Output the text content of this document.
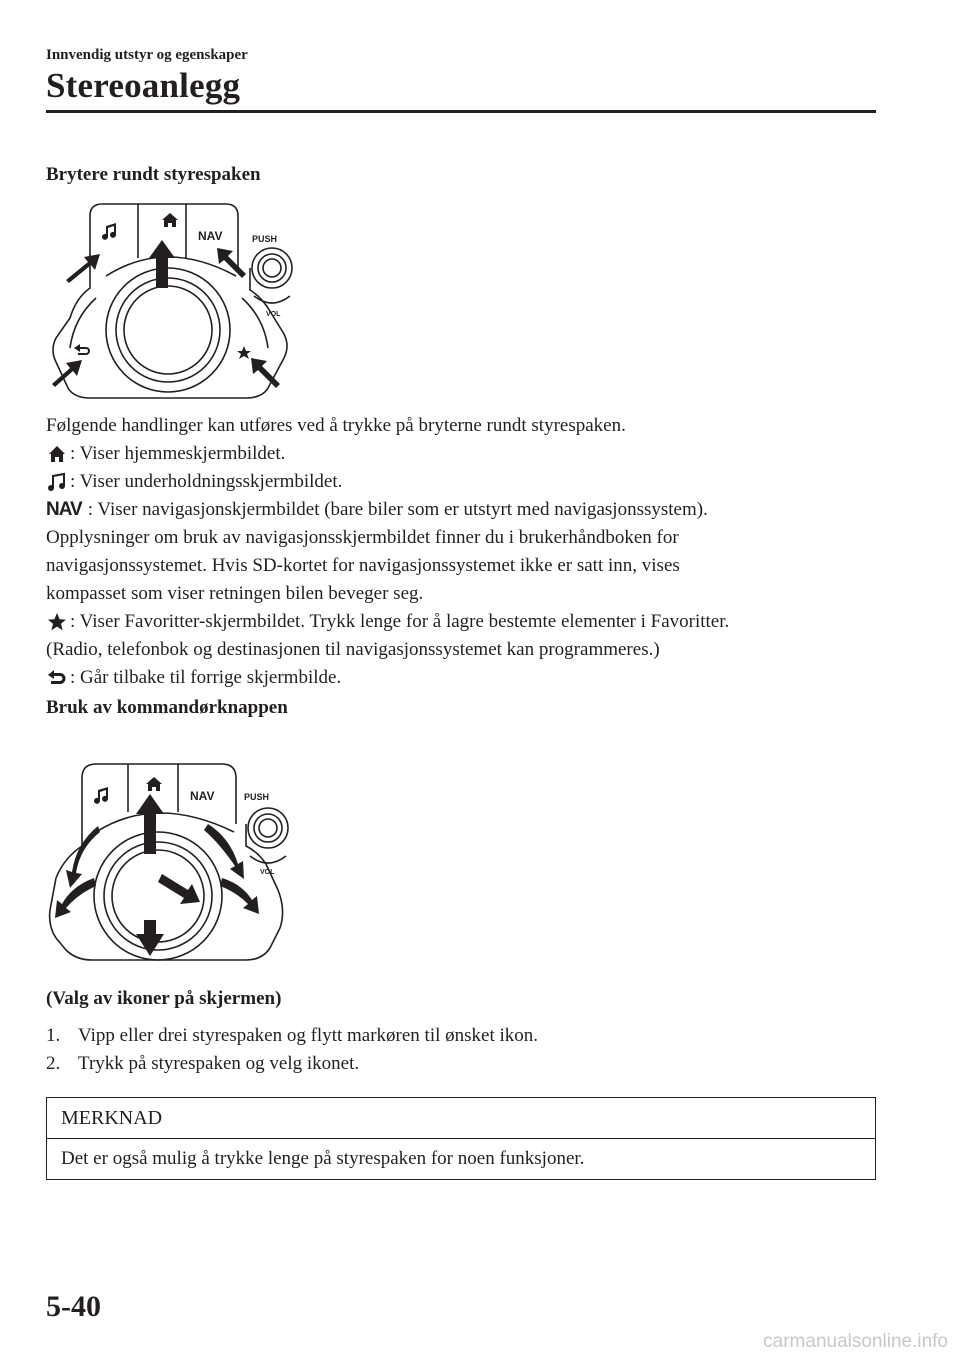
Innvendig utstyr og egenskaper
Stereoanlegg
Brytere rundt styrespaken
NAV	PUSH
VOL

Følgende handlinger kan utføres ved å trykke på bryterne rundt styrespaken.

: Viser hjemmeskjermbildet.
: Viser underholdningsskjermbildet.
NAV : Viser navigasjonskjermbildet (bare biler som er utstyrt med navigasjonssystem).

Opplysninger om bruk av navigasjonsskjermbildet finner du i brukerhåndboken for

navigasjonssystemet. Hvis SD-kortet for navigasjonssystemet ikke er satt inn, vises

kompasset som viser retningen bilen beveger seg.

: Viser Favoritter-skjermbildet. Trykk lenge for å lagre bestemte elementer i Favoritter.

(Radio, telefonbok og destinasjonen til navigasjonssystemet kan programmeres.)

: Går tilbake til forrige skjermbilde.
Bruk av kommandørknappen
NAV	PUSH
VOL

(Valg av ikoner på skjermen)

1. Vipp eller drei styrespaken og flytt markøren til ønsket ikon.
2. Trykk på styrespaken og velg ikonet.
MERKNAD
Det er også mulig å trykke lenge på styrespaken for noen funksjoner.
5-40
carmanualsonline.info
